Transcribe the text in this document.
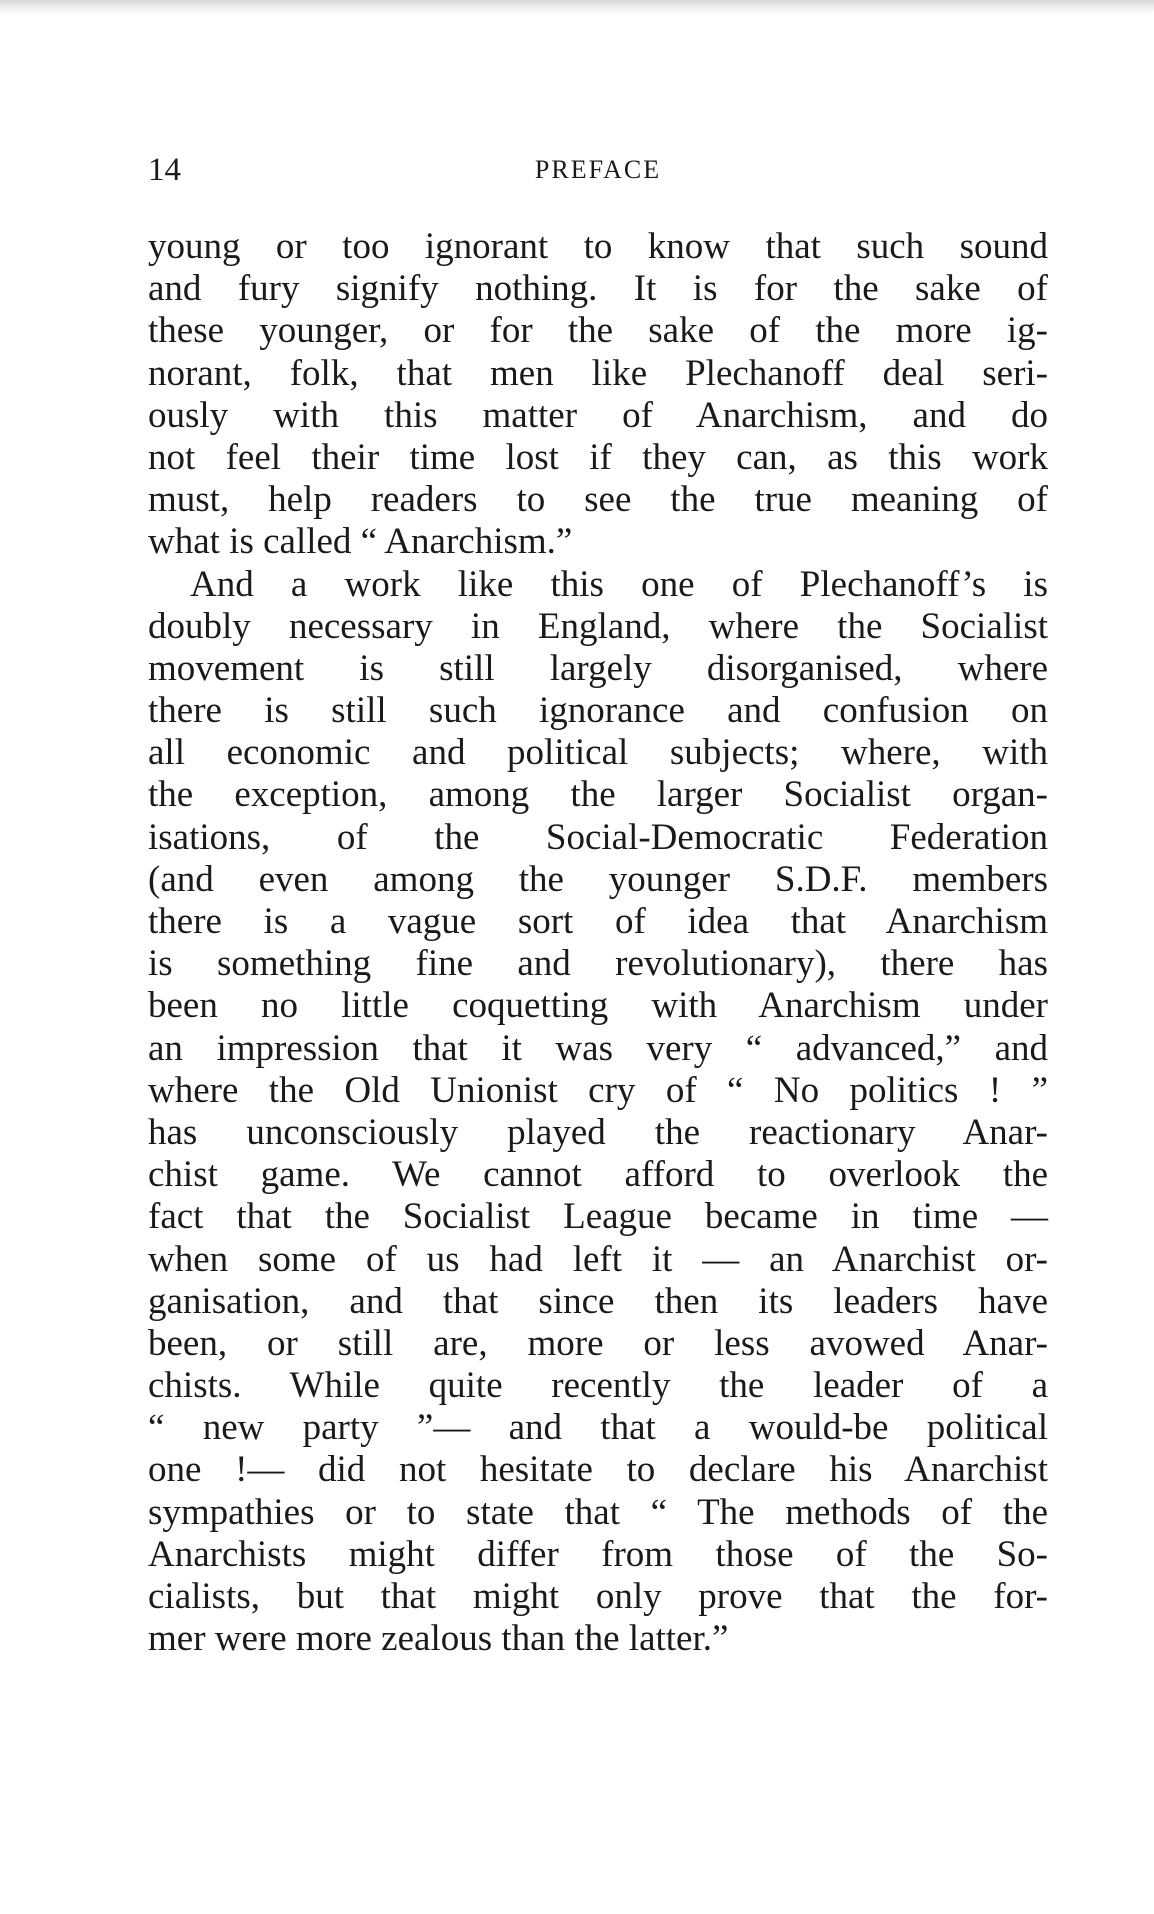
14	PREFACE
young or too ignorant to know that such sound
and fury signify nothing. It is for the sake of
these younger, or for the sake of the more ig-
norant, folk, that men like Plechanoff deal seri-
ously with this matter of Anarchism, and do
not feel their time lost if they can, as this work
must, help readers to see the true meaning of
what is called “ Anarchism.”
And a work like this one of Plechanoff’s is
doubly necessary in England, where the Socialist
movement is still largely disorganised, where
there is still such ignorance and confusion on
all economic and political subjects; where, with
the exception, among the larger Socialist organ-
isations, of the Social-Democratic Federation
(and even among the younger S.D.F. members
there is a vague sort of idea that Anarchism
is something fine and revolutionary), there has
been no little coquetting with Anarchism under
an impression that it was very “ advanced,” and
where the Old Unionist cry of “ No politics ! ”
has unconsciously played the reactionary Anar-
chist game. We cannot afford to overlook the
fact that the Socialist League became in time —
when some of us had left it — an Anarchist or-
ganisation, and that since then its leaders have
been, or still are, more or less avowed Anar-
chists. While quite recently the leader of a
“ new party ”— and that a would-be political
one !— did not hesitate to declare his Anarchist
sympathies or to state that “ The methods of the
Anarchists might differ from those of the So-
cialists, but that might only prove that the for-
mer were more zealous than the latter.”
